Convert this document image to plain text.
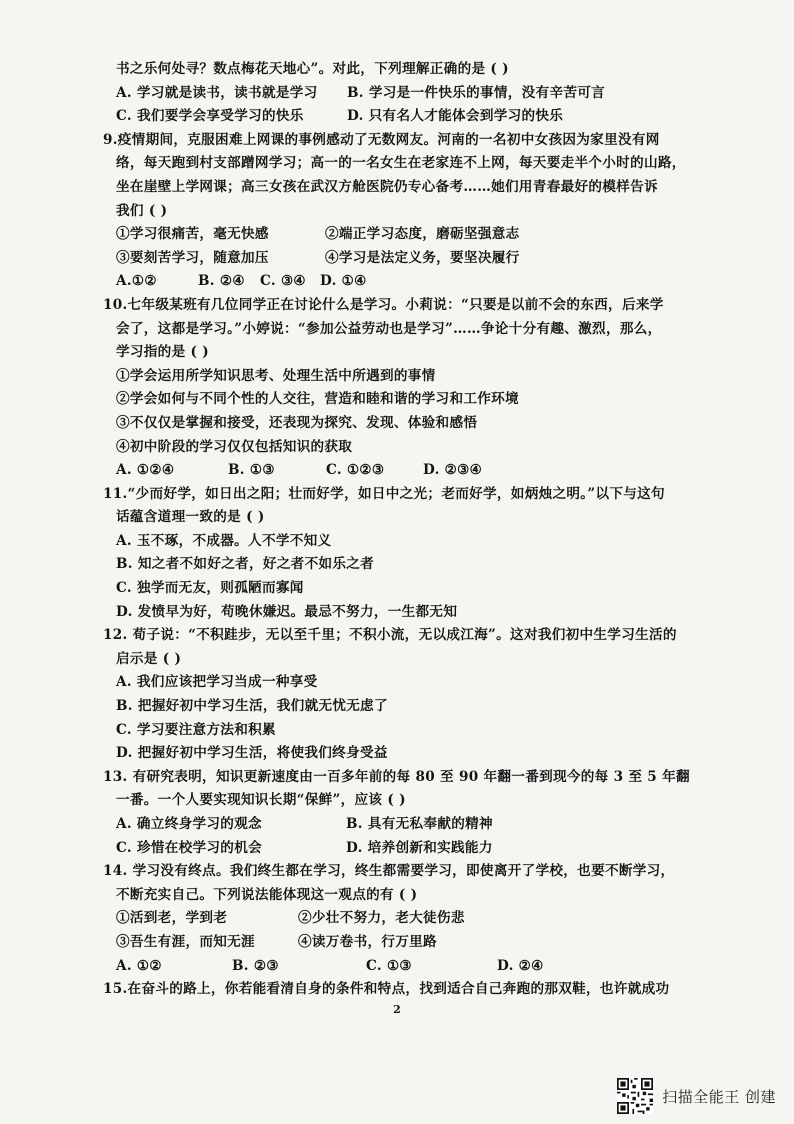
书之乐何处寻？数点梅花天地心”。对此，下列理解正确的是 ( )
A. 学习就是读书，读书就是学习 B. 学习是一件快乐的事情，没有辛苦可言
C. 我们要学会享受学习的快乐	D. 只有名人才能体会到学习的快乐
9.疫情期间，克服困难上网课的事例感动了无数网友。河南的一名初中女孩因为家里没有网
络，每天跑到村支部蹭网学习；高一的一名女生在老家连不上网，每天要走半个小时的山路，
坐在崖壁上学网课；高三女孩在武汉方舱医院仍专心备考……她们用青春最好的模样告诉
我们 ( )
①学习很痛苦，毫无快感	②端正学习态度，磨砺坚强意志
③要刻苦学习，随意加压	④学习是法定义务，要坚决履行
A.①②	B. ②④ C. ③④ D. ①④
10.七年级某班有几位同学正在讨论什么是学习。小莉说：“只要是以前不会的东西，后来学
会了，这都是学习。”小婷说：“参加公益劳动也是学习”……争论十分有趣、激烈，那么，
学习指的是 ( )
①学会运用所学知识思考、处理生活中所遇到的事情
②学会如何与不同个性的人交往，营造和睦和谐的学习和工作环境
③不仅仅是掌握和接受，还表现为探究、发现、体验和感悟
④初中阶段的学习仅仅包括知识的获取
A. ①②④	B. ①③	C. ①②③	D. ②③④
11.“少而好学，如日出之阳；壮而好学，如日中之光；老而好学，如炳烛之明。”以下与这句
话蕴含道理一致的是 ( )
A. 玉不琢，不成器。人不学不知义
B. 知之者不如好之者，好之者不如乐之者
C. 独学而无友，则孤陋而寡闻
D. 发愤早为好，苟晚休嫌迟。最忌不努力，一生都无知
12. 荀子说：“不积跬步，无以至千里；不积小流，无以成江海”。这对我们初中生学习生活的
启示是 ( )
A. 我们应该把学习当成一种享受
B. 把握好初中学习生活，我们就无忧无虑了
C. 学习要注意方法和积累
D. 把握好初中学习生活，将使我们终身受益
13. 有研究表明，知识更新速度由一百多年前的每 80 至 90 年翻一番到现今的每 3 至 5 年翻
一番。一个人要实现知识长期“保鲜”，应该 ( )
A. 确立终身学习的观念	B. 具有无私奉献的精神
C. 珍惜在校学习的机会	D. 培养创新和实践能力
14. 学习没有终点。我们终生都在学习，终生都需要学习，即使离开了学校，也要不断学习，
不断充实自己。下列说法能体现这一观点的有 ( )
①活到老，学到老	②少壮不努力，老大徒伤悲
③吾生有涯，而知无涯	④读万卷书，行万里路
A. ①②	B. ②③	C. ①③	D. ②④
15.在奋斗的路上，你若能看清自身的条件和特点，找到适合自己奔跑的那双鞋，也许就成功
2
扫描全能王 创建
